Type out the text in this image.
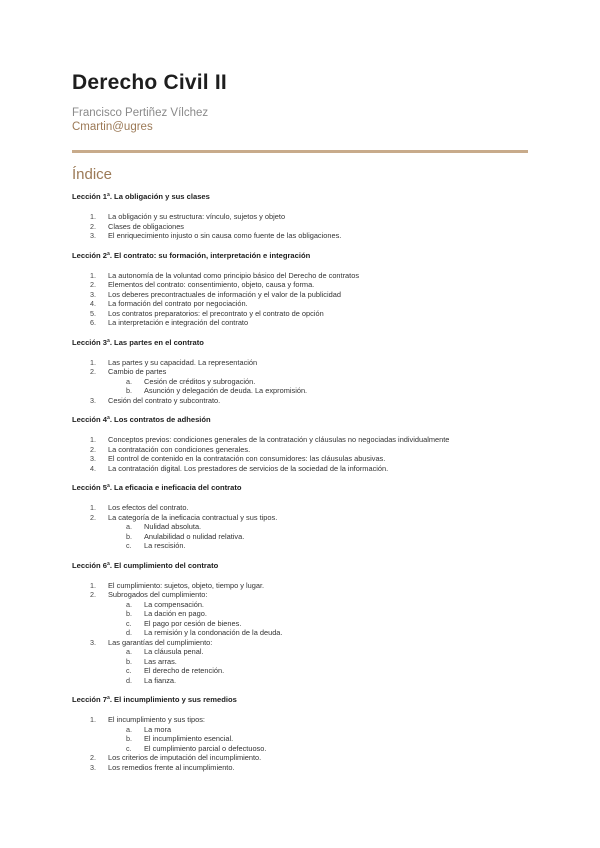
Derecho Civil II
Francisco Pertiñez Vílchez
Cmartin@ugres
Índice
Lección 1ª. La obligación y sus clases
1.	La obligación y su estructura: vínculo, sujetos y objeto
2.	Clases de obligaciones
3.	El enriquecimiento injusto o sin causa como fuente de las obligaciones.
Lección 2ª. El contrato: su formación, interpretación e integración
1.	La autonomía de la voluntad como principio básico del Derecho de contratos
2.	Elementos del contrato: consentimiento, objeto, causa y forma.
3.	Los deberes precontractuales de información y el valor de la publicidad
4.	La formación del contrato por negociación.
5.	Los contratos preparatorios: el precontrato y el contrato de opción
6.	La interpretación e integración del contrato
Lección 3ª. Las partes en el contrato
1.	Las partes y su capacidad. La representación
2.	Cambio de partes
a. Cesión de créditos y subrogación.
b. Asunción y delegación de deuda. La expromisión.
3.	Cesión del contrato y subcontrato.
Lección 4ª. Los contratos de adhesión
1.	Conceptos previos: condiciones generales de la contratación y cláusulas no negociadas individualmente
2.	La contratación con condiciones generales.
3.	El control de contenido en la contratación con consumidores: las cláusulas abusivas.
4.	La contratación digital. Los prestadores de servicios de la sociedad de la información.
Lección 5ª. La eficacia e ineficacia del contrato
1.	Los efectos del contrato.
2.	La categoría de la ineficacia contractual y sus tipos.
a. Nulidad absoluta.
b. Anulabilidad o nulidad relativa.
c. La rescisión.
Lección 6ª. El cumplimiento del contrato
1.	El cumplimiento: sujetos, objeto, tiempo y lugar.
2.	Subrogados del cumplimiento:
a. La compensación.
b. La dación en pago.
c. El pago por cesión de bienes.
d. La remisión y la condonación de la deuda.
3.	Las garantías del cumplimiento:
a. La cláusula penal.
b. Las arras.
c. El derecho de retención.
d. La fianza.
Lección 7ª. El incumplimiento y sus remedios
1.	El incumplimiento y sus tipos:
a. La mora
b. El incumplimiento esencial.
c. El cumplimiento parcial o defectuoso.
2.	Los criterios de imputación del incumplimiento.
3.	Los remedios frente al incumplimiento.
